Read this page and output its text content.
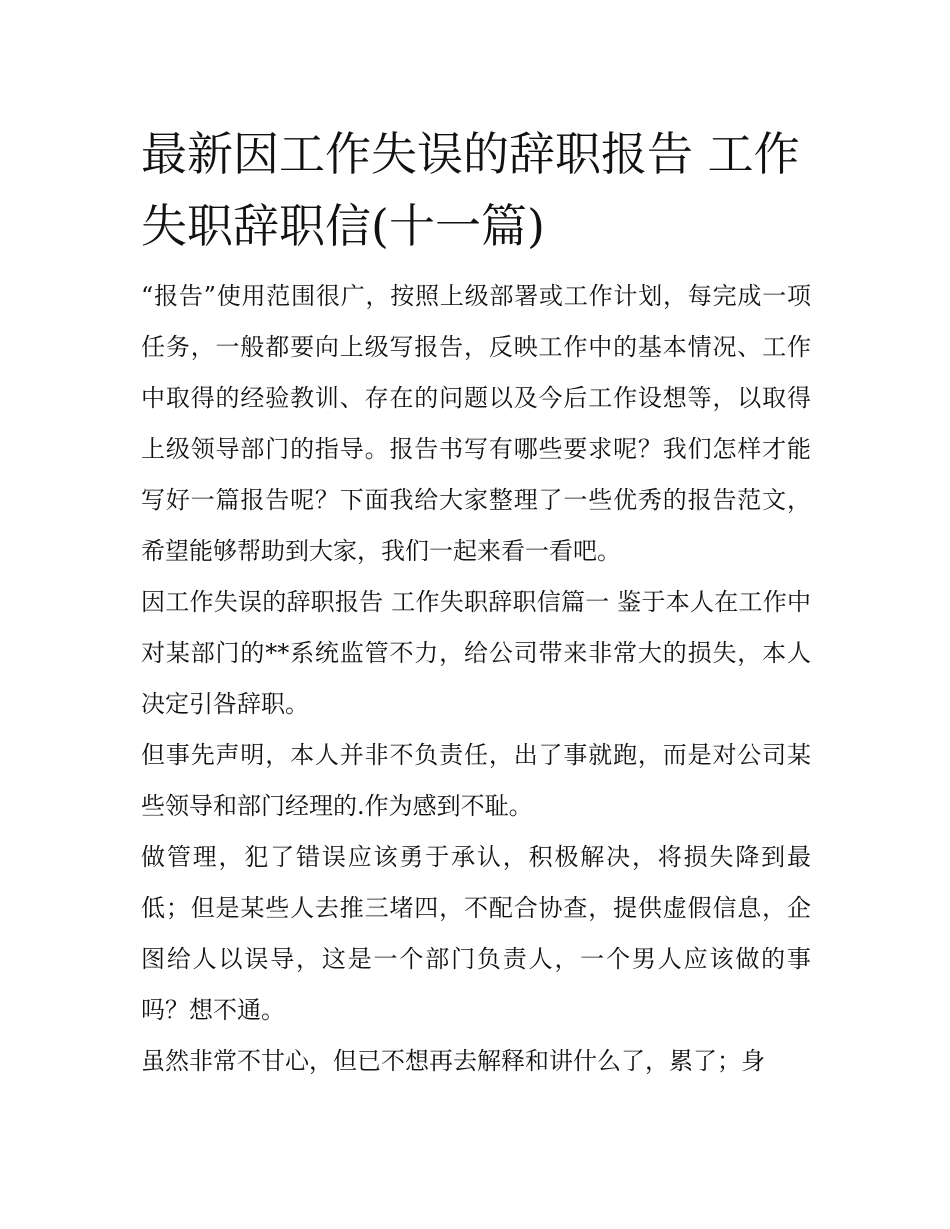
最新因工作失误的辞职报告 工作失职辞职信(十一篇)

“报告”使用范围很广，按照上级部署或工作计划，每完成一项任务，一般都要向上级写报告，反映工作中的基本情况、工作中取得的经验教训、存在的问题以及今后工作设想等，以取得上级领导部门的指导。报告书写有哪些要求呢？我们怎样才能写好一篇报告呢？下面我给大家整理了一些优秀的报告范文，希望能够帮助到大家，我们一起来看一看吧。

因工作失误的辞职报告 工作失职辞职信篇一 鉴于本人在工作中对某部门的**系统监管不力，给公司带来非常大的损失，本人决定引咎辞职。

但事先声明，本人并非不负责任，出了事就跑，而是对公司某些领导和部门经理的.作为感到不耻。

做管理，犯了错误应该勇于承认，积极解决，将损失降到最低；但是某些人去推三堵四，不配合协查，提供虚假信息，企图给人以误导，这是一个部门负责人，一个男人应该做的事吗？想不通。

虽然非常不甘心，但已不想再去解释和讲什么了，累了；身
